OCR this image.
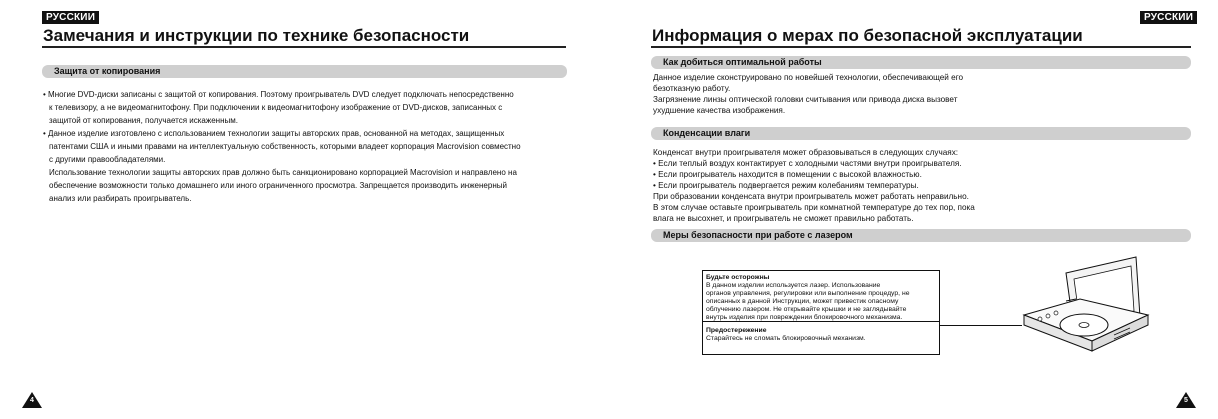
РУССКИИ
Замечания и инструкции по технике безопасности
Защита от копирования

• Многие DVD-диски записаны с защитой от копирования. Поэтому проигрыватель DVD следует подключать непосредственно

к телевизору, а не видеомагнитофону. При подключении к видеомагнитофону изображение от DVD-дисков, записанных с

защитой от копирования, получается искаженным.

• Данное изделие изготовлено с использованием технологии защиты авторских прав, основанной на методах, защищенных

патентами США и иными правами на интеллектуальную собственность, которыми владеет корпорация Macrovision совместно

с другими правообладателями.

Использование технологии защиты авторских прав должно быть санкционировано корпорацией Macrovision и направлено на

обеспечение возможности только домашнего или иного ограниченного просмотра. Запрещается производить инженерный

анализ или разбирать проигрыватель.

4
РУССКИИ
Информация о мерах по безопасной эксплуатации
Как добиться оптимальной работы

Данное изделие сконструировано по новейшей технологии, обеспечивающей его

безотказную работу.

Загрязнение линзы оптической головки считывания или привода диска вызовет

ухудшение качества изображения.

Конденсации влаги

Конденсат внутри проигрывателя может образовываться в следующих случаях:

• Если теплый воздух контактирует с холодными частями внутри проигрывателя.

• Если проигрыватель находится в помещении с высокой влажностью.

• Если проигрыватель подвергается режим колебаниям температуры.

При образовании конденсата внутри проигрыватель может работать неправильно.

В этом случае оставьте проигрыватель при комнатной температуре до тех пор, пока

влага не высохнет, и проигрыватель не сможет правильно работать.

Меры безопасности при работе с лазером
Будьте осторожны
В данном изделии используется лазер. Использование
органов управления, регулировки или выполнение процедур, не
описанных в данной Инструкции, может привестик опасному
облучению лазером. Не открывайте крышки и не заглядывайте
внутрь изделия при повреждении блокировочного механизма.
Предостережение
Старайтесь не сломать блокировочный механизм.
5
